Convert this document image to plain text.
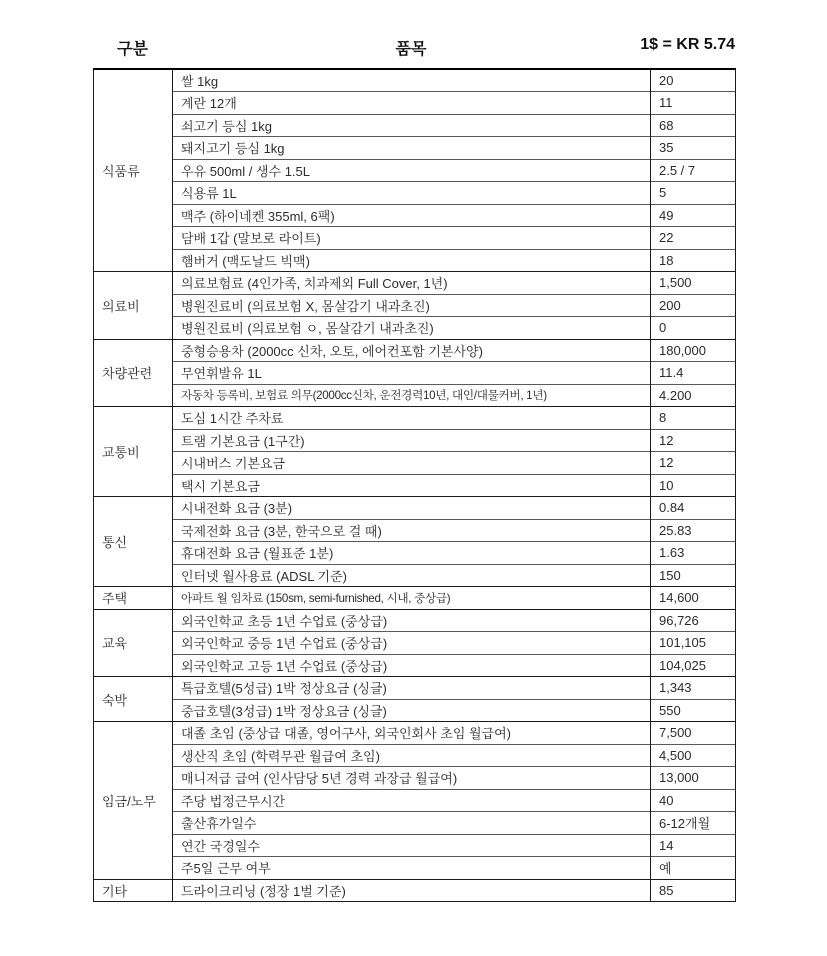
구분	품목	1$ = KR 5.74
식품류	쌀 1kg	20
	계란 12개	11
	쇠고기 등심 1kg	68
	돼지고기 등심 1kg	35
	우유 500ml / 생수 1.5L	2.5 / 7
	식용류 1L	5
	맥주 (하이네켄 355ml, 6팩)	49
	담배 1갑 (말보로 라이트)	22
	햄버거 (맥도날드 빅맥)	18
의료비	의료보험료 (4인가족, 치과제외 Full Cover, 1년)	1,500
	병원진료비 (의료보험 X, 몸살감기 내과초진)	200
	병원진료비 (의료보험 ㅇ, 몸살감기 내과초진)	0
차량관련	중형승용차 (2000cc 신차, 오토, 에어컨포함 기본사양)	180,000
	무연휘발유 1L	11.4
	자동차 등록비, 보험료 의무(2000cc신차, 운전경력10년, 대인/대물커버, 1년)	4.200
교통비	도심 1시간 주차료	8
	트램 기본요금 (1구간)	12
	시내버스 기본요금	12
	택시 기본요금	10
통신	시내전화 요금 (3분)	0.84
	국제전화 요금 (3분, 한국으로 걸 때)	25.83
	휴대전화 요금 (월표준 1분)	1.63
	인터넷 월사용료 (ADSL 기준)	150
주택	아파트 월 임차료 (150sm, semi-furnished, 시내, 중상급)	14,600
교육	외국인학교 초등 1년 수업료 (중상급)	96,726
	외국인학교 중등 1년 수업료 (중상급)	101,105
	외국인학교 고등 1년 수업료 (중상급)	104,025
숙박	특급호텔(5성급) 1박 정상요금 (싱글)	1,343
	중급호텔(3성급) 1박 정상요금 (싱글)	550
임금/노무	대졸 초임 (중상급 대졸, 영어구사, 외국인회사 초임 월급여)	7,500
	생산직 초임 (학력무관 월급여 초임)	4,500
	매니저급 급여 (인사담당 5년 경력 과장급 월급여)	13,000
	주당 법정근무시간	40
	출산휴가일수	6-12개월
	연간 국경일수	14
	주5일 근무 여부	예
기타	드라이크리닝 (정장 1벌 기준)	85
